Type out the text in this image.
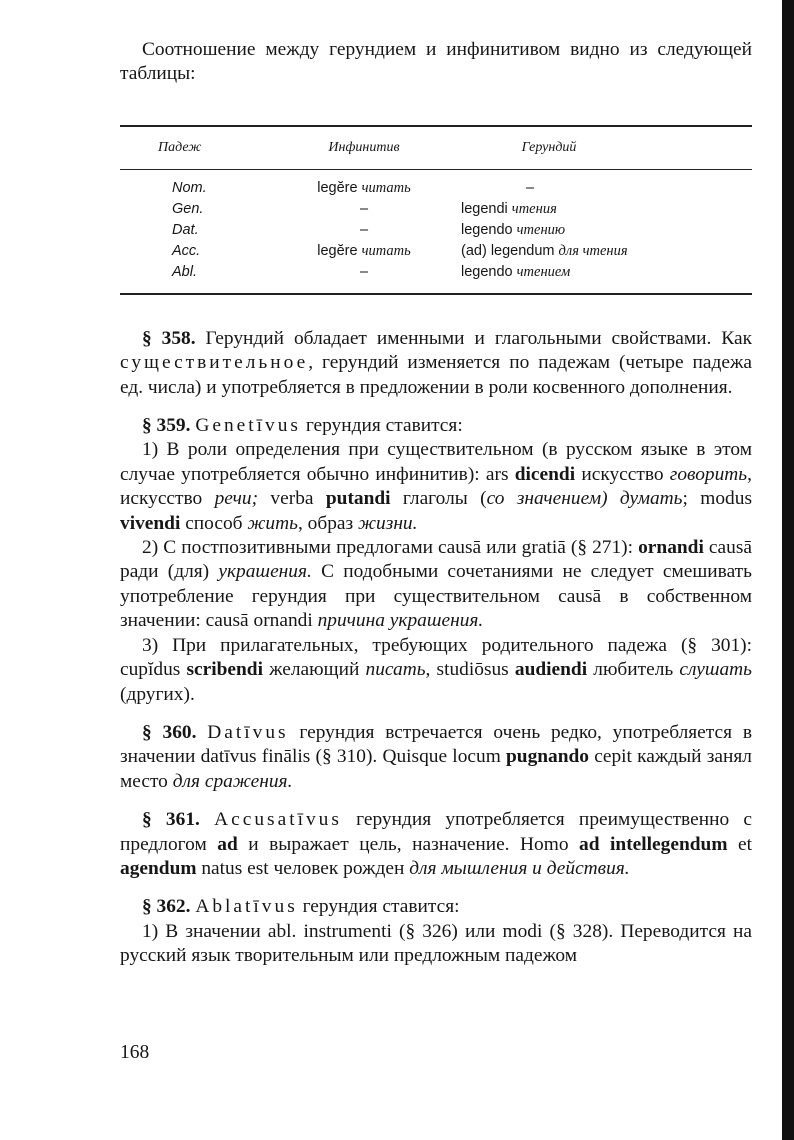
Соотношение между герундием и инфинитивом видно из следующей таблицы:

Падеж	Инфинитив	Герундий
Nom.	legĕre читать	–
Gen.	–	legendi чтения
Dat.	–	legendo чтению
Acc.	legĕre читать	(ad) legendum для чтения
Abl.	–	legendo чтением

§ 358. Герундий обладает именными и глагольными свойствами. Как существительное, герундий изменяется по падежам (четыре падежа ед. числа) и употребляется в предложении в роли косвенного дополнения.

§ 359. Genetīvus герундия ставится:

1) В роли определения при существительном (в русском языке в этом случае употребляется обычно инфинитив): ars dicendi искусство говорить, искусство речи; verba putandi глаголы (со значением) думать; modus vivendi способ жить, образ жизни.

2) С постпозитивными предлогами causā или gratiā (§ 271): ornandi causā ради (для) украшения. С подобными сочетаниями не следует смешивать употребление герундия при существительном causā в собственном значении: causā ornandi причина украшения.

3) При прилагательных, требующих родительного падежа (§ 301): cupĭdus scribendi желающий писать, studiōsus audiendi любитель слушать (других).

§ 360. Datīvus герундия встречается очень редко, употребляется в значении datīvus finālis (§ 310). Quisque locum pugnando cepit каждый занял место для сражения.

§ 361. Accusatīvus герундия употребляется преимущественно с предлогом ad и выражает цель, назначение. Homo ad intellegendum et agendum natus est человек рожден для мышления и действия.

§ 362. Ablatīvus герундия ставится:

1) В значении abl. instrumenti (§ 326) или modi (§ 328). Переводится на русский язык творительным или предложным падежом

168
